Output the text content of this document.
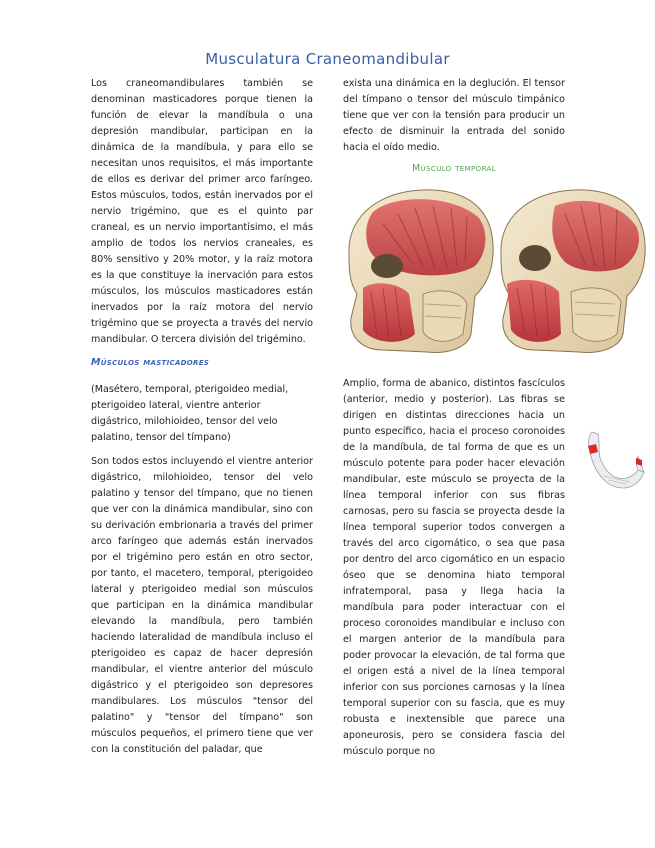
Musculatura Craneomandibular

Los craneomandibulares también se denominan masticadores porque tienen la función de elevar la mandíbula o una depresión mandibular, participan en la dinámica de la mandíbula, y para ello se necesitan unos requisitos, el más importante de ellos es derivar del primer arco faríngeo. Estos músculos, todos, están inervados por el nervio trigémino, que es el quinto par craneal, es un nervio importantísimo, el más amplio de todos los nervios craneales, es 80% sensitivo y 20% motor, y la raíz motora es la que constituye la inervación para estos músculos, los músculos masticadores están inervados por la raíz motora del nervio trigémino que se proyecta a través del nervio mandibular. O tercera división del trigémino.

Músculos masticadores

(Masétero, temporal, pterigoideo medial, pterigoideo lateral, vientre anterior digástrico, milohioideo, tensor del velo palatino, tensor del tímpano)

Son todos estos incluyendo el vientre anterior digástrico, milohioideo, tensor del velo palatino y tensor del tímpano, que no tienen que ver con la dinámica mandibular, sino con su derivación embrionaria a través del primer arco faríngeo que además están inervados por el trigémino pero están en otro sector, por tanto, el macetero, temporal, pterigoideo lateral y pterigoideo medial son músculos que participan en la dinámica mandibular elevando la mandíbula, pero también haciendo lateralidad de mandíbula incluso el pterigoideo es capaz de hacer depresión mandibular, el vientre anterior del músculo digástrico y el pterigoideo son depresores mandibulares. Los músculos "tensor del palatino" y "tensor del tímpano" son músculos pequeños, el primero tiene que ver con la constitución del paladar, que

exista una dinámica en la deglución. El tensor del tímpano o tensor del músculo timpánico tiene que ver con la tensión para producir un efecto de disminuir la entrada del sonido hacia el oído medio.

Músculo temporal

Amplio, forma de abanico, distintos fascículos (anterior, medio y posterior). Las fibras se dirigen en distintas direcciones hacia un punto específico, hacia el proceso coronoides de la mandíbula, de tal forma de que es un músculo potente para poder hacer elevación mandibular, este músculo se proyecta de la línea temporal inferior con sus fibras carnosas, pero su fascia se proyecta desde la línea temporal superior todos convergen a través del arco cigomático, o sea que pasa por dentro del arco cigomático en un espacio óseo que se denomina hiato temporal infratemporal, pasa y llega hacia la mandíbula para poder interactuar con el proceso coronoides mandibular e incluso con el margen anterior de la mandíbula para poder provocar la elevación, de tal forma que el origen está a nivel de la línea temporal inferior con sus porciones carnosas y la línea temporal superior con su fascia, que es muy robusta e inextensible que parece una aponeurosis, pero se considera fascia del músculo porque no
